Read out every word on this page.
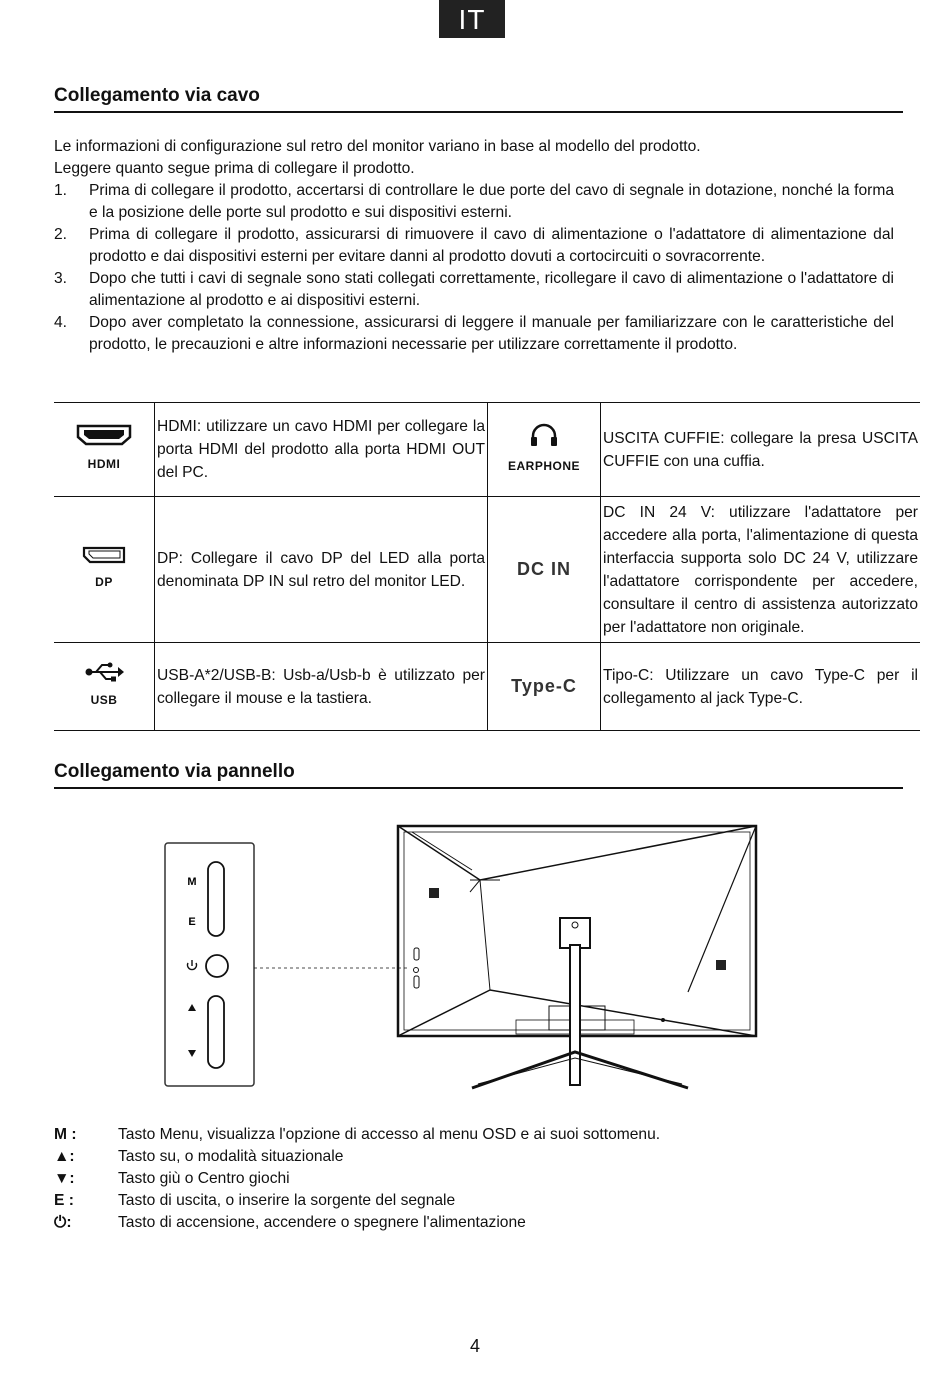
IT
Collegamento via cavo

Le informazioni di configurazione sul retro del monitor variano in base al modello del prodotto.

Leggere quanto segue prima di collegare il prodotto.

1. Prima di collegare il prodotto, accertarsi di controllare le due porte del cavo di segnale in dotazione, nonché la forma e la posizione delle porte sul prodotto e sui dispositivi esterni.
2. Prima di collegare il prodotto, assicurarsi di rimuovere il cavo di alimentazione o l'adattatore di alimentazione dal prodotto e dai dispositivi esterni per evitare danni al prodotto dovuti a cortocircuiti o sovracorrente.
3. Dopo che tutti i cavi di segnale sono stati collegati correttamente, ricollegare il cavo di alimentazione o l'adattatore di alimentazione al prodotto e ai dispositivi esterni.
4. Dopo aver completato la connessione, assicurarsi di leggere il manuale per familiarizzare con le caratteristiche del prodotto, le precauzioni e altre informazioni necessarie per utilizzare correttamente il prodotto.
HDMI	HDMI: utilizzare un cavo HDMI per collegare la porta HDMI del prodotto alla porta HDMI OUT del PC.	EARPHONE	USCITA CUFFIE: collegare la presa USCITA CUFFIE con una cuffia.

DP	DP: Collegare il cavo DP del LED alla porta denominata DP IN sul retro del monitor LED.	DC IN	DC IN 24 V: utilizzare l'adattatore per accedere alla porta, l'alimentazione di questa interfaccia supporta solo DC 24 V, utilizzare l'adattatore corrispondente per accedere, consultare il centro di assistenza autorizzato per l'adattatore non originale.

USB	USB-A*2/USB-B: Usb-a/Usb-b è utilizzato per collegare il mouse e la tastiera.	Type-C	Tipo-C: Utilizzare un cavo Type-C per il collegamento al jack Type-C.
Collegamento via pannello
M
E
M :	Tasto Menu, visualizza l'opzione di accesso al menu OSD e ai suoi sottomenu.
▲:	Tasto su, o modalità situazionale
▼:	Tasto giù o Centro giochi
E :	Tasto di uscita, o inserire la sorgente del segnale
⏻:	Tasto di accensione, accendere o spegnere l'alimentazione
4
